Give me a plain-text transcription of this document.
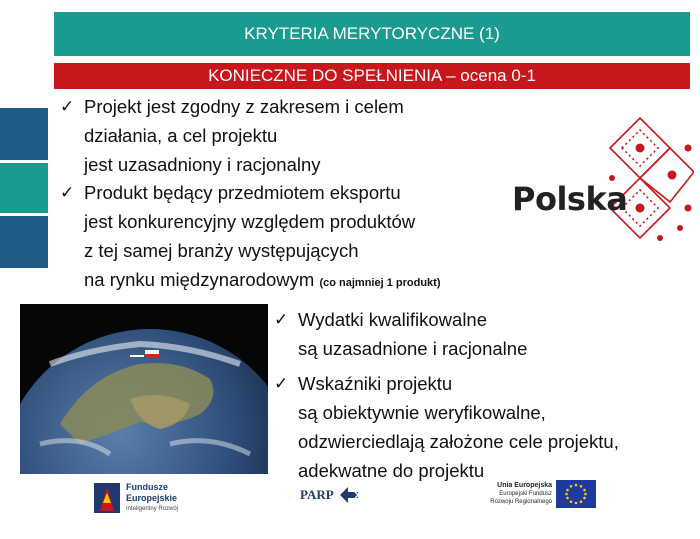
KRYTERIA MERYTORYCZNE (1)
KONIECZNE DO SPEŁNIENIA – ocena 0-1
Polska
✓ Projekt jest zgodny z zakresem i celem
działania, a cel projektu
jest uzasadniony i racjonalny
✓ Produkt będący przedmiotem eksportu
jest konkurencyjny względem produktów
z tej samej branży występujących
na rynku międzynarodowym (co najmniej 1 produkt)
✓ Wydatki kwalifikowalne
są uzasadnione i racjonalne
✓ Wskaźniki projektu
są obiektywnie weryfikowalne,
odzwierciedlają założone cele projektu,
adekwatne do projektu
Fundusze
Europejskie
Inteligentny Rozwój
PARP
Unia Europejska
Europejski Fundusz
Rozwoju Regionalnego
